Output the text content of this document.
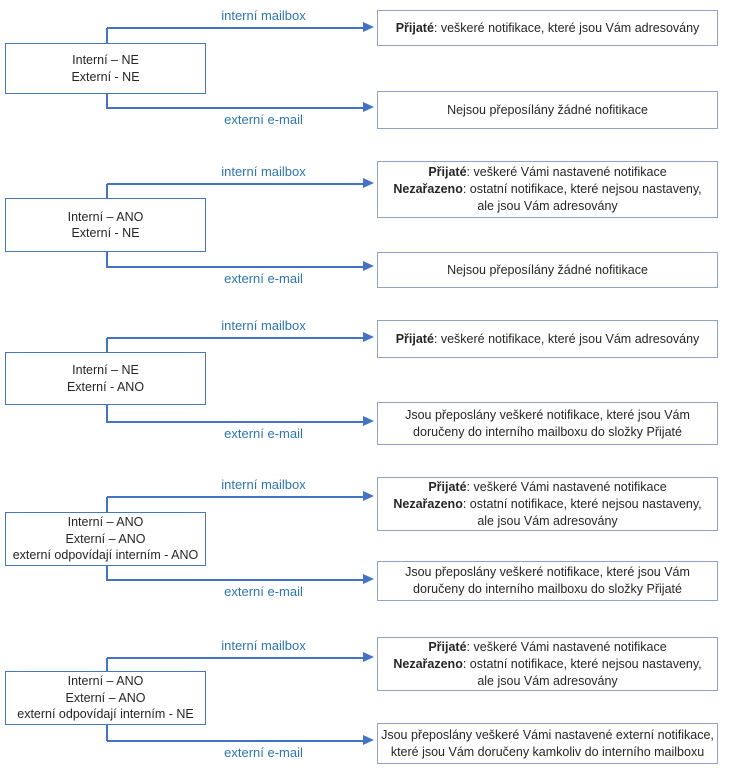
interní mailbox
Interní – NE
Externí - NE
externí e-mail
Přijaté: veškeré notifikace, které jsou Vám adresovány
Nejsou přeposílány žádné nofitikace
interní mailbox
Interní – ANO
Externí - NE
externí e-mail
Přijaté: veškeré Vámi nastavené notifikace
Nezařazeno: ostatní notifikace, které nejsou nastaveny,
ale jsou Vám adresovány
Nejsou přeposílány žádné nofitikace
interní mailbox
Interní – NE
Externí - ANO
externí e-mail
Přijaté: veškeré notifikace, které jsou Vám adresovány
Jsou přeposlány veškeré notifikace, které jsou Vám
doručeny do interního mailboxu do složky Přijaté
interní mailbox
Interní – ANO
Externí – ANO
externí odpovídají interním - ANO
externí e-mail
Přijaté: veškeré Vámi nastavené notifikace
Nezařazeno: ostatní notifikace, které nejsou nastaveny,
ale jsou Vám adresovány
Jsou přeposlány veškeré notifikace, které jsou Vám
doručeny do interního mailboxu do složky Přijaté
interní mailbox
Interní – ANO
Externí – ANO
externí odpovídají interním - NE
externí e-mail
Přijaté: veškeré Vámi nastavené notifikace
Nezařazeno: ostatní notifikace, které nejsou nastaveny,
ale jsou Vám adresovány
Jsou přeposlány veškeré Vámi nastavené externí notifikace,
které jsou Vám doručeny kamkoliv do interního mailboxu
